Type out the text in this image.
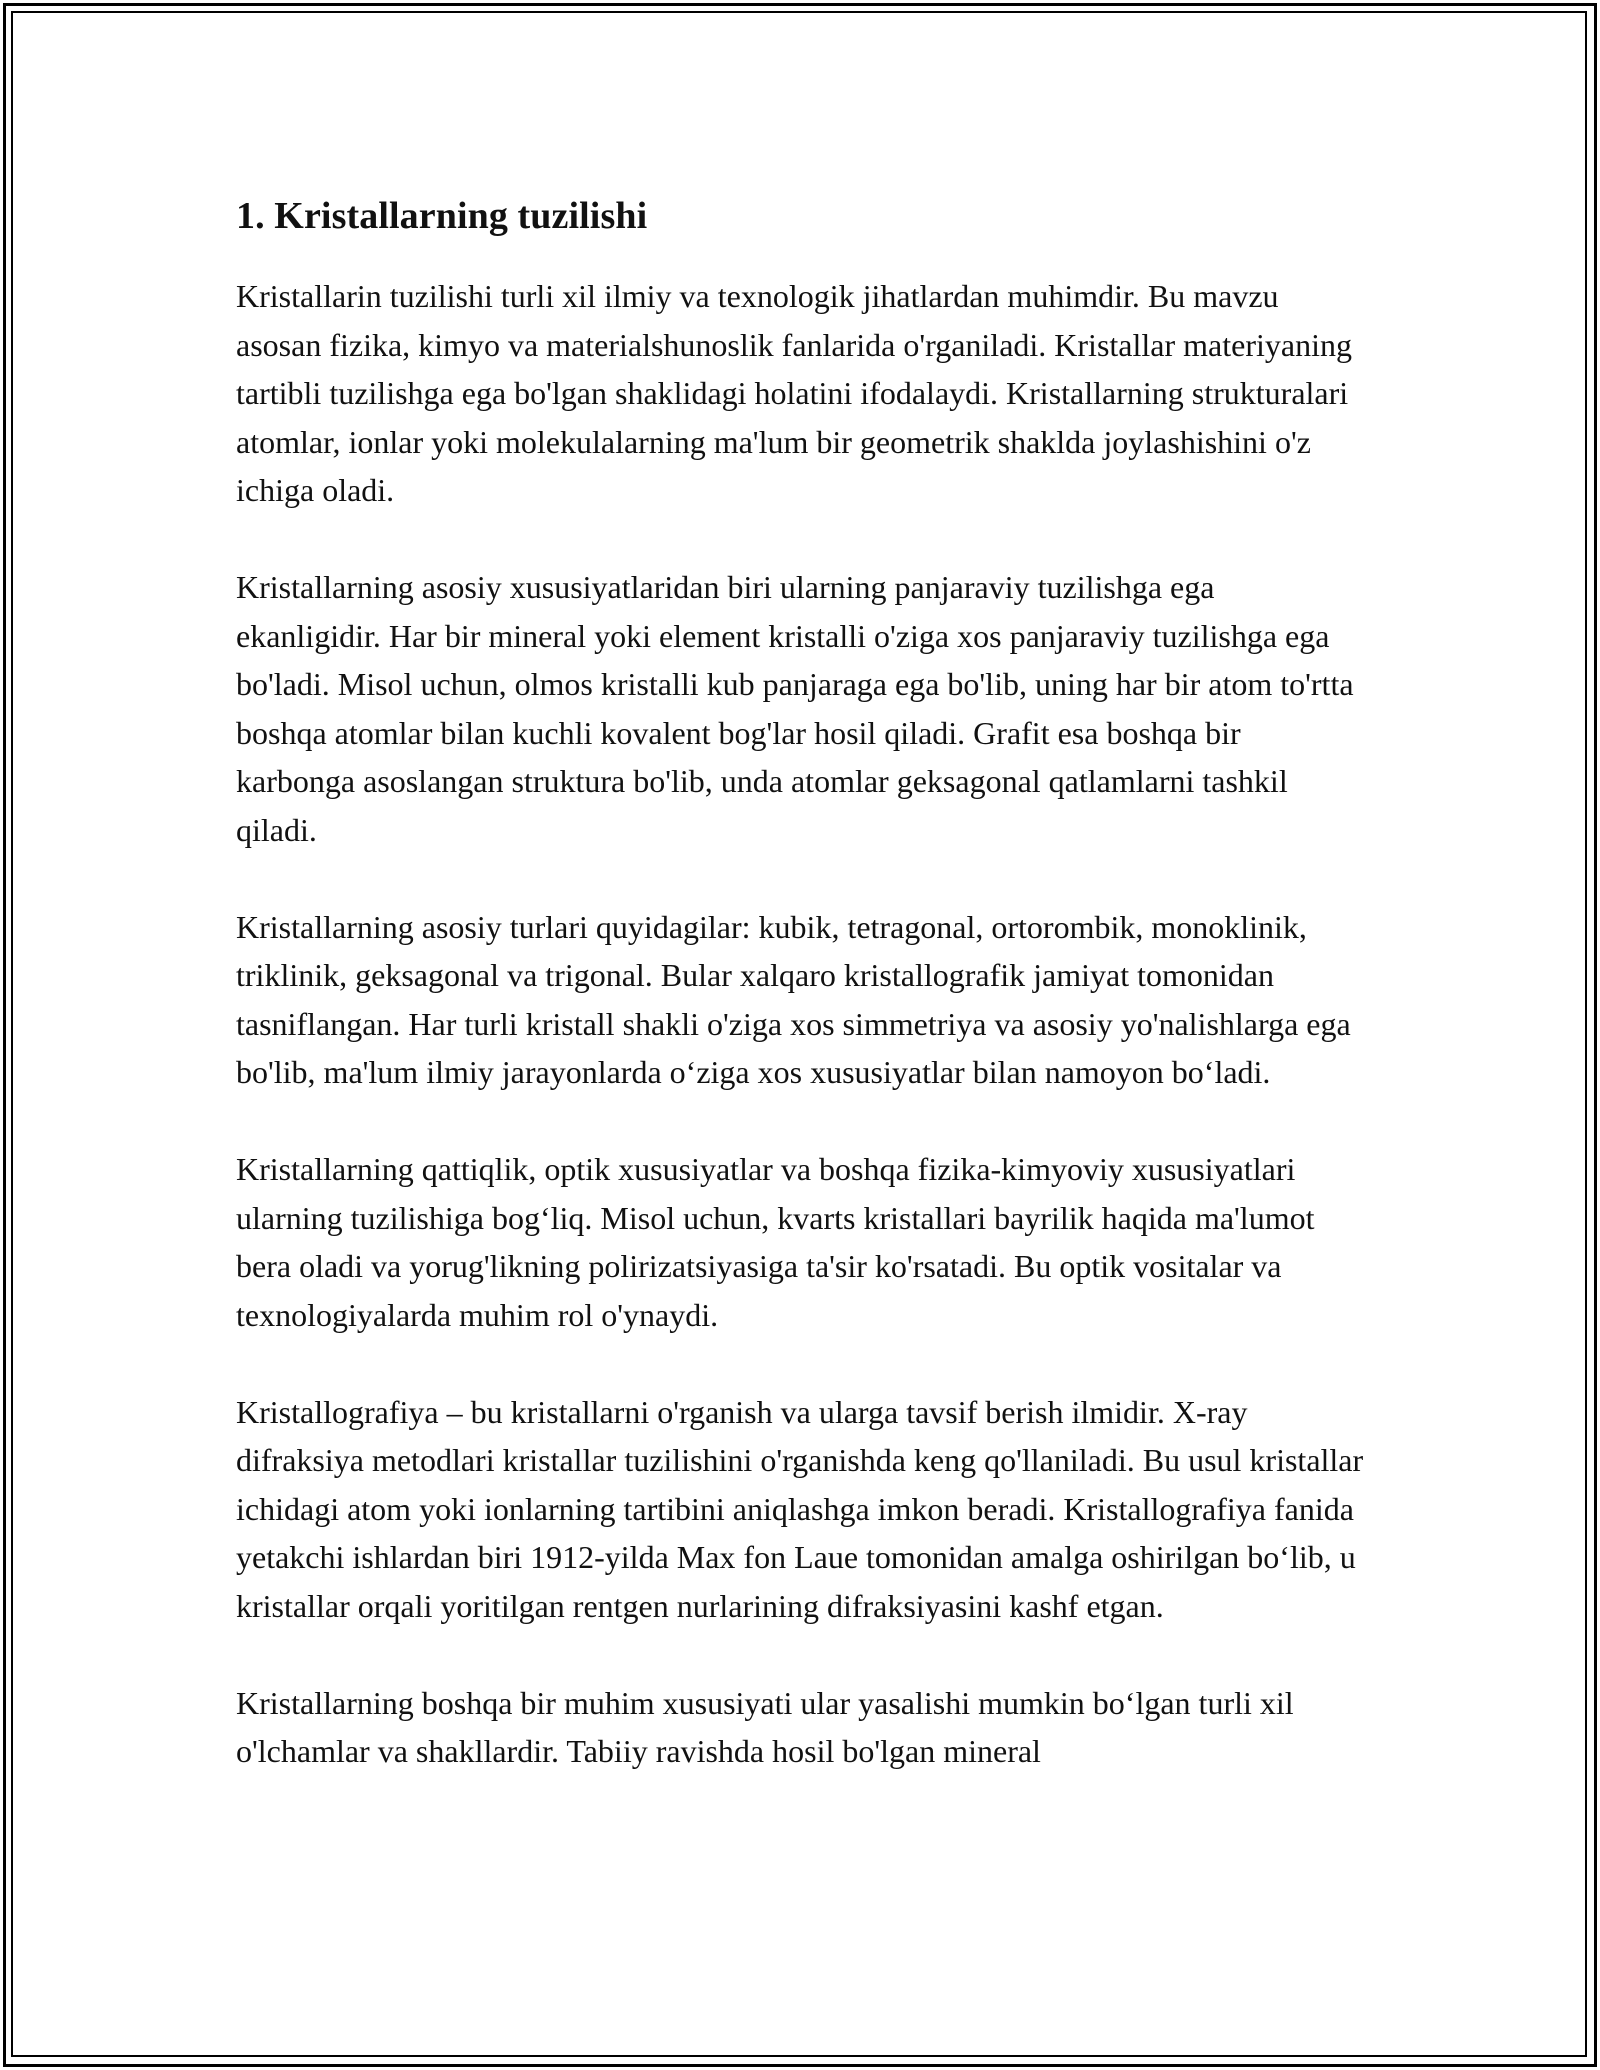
1. Kristallarning tuzilishi

Kristallarin tuzilishi turli xil ilmiy va texnologik jihatlardan muhimdir. Bu mavzu asosan fizika, kimyo va materialshunoslik fanlarida o'rganiladi. Kristallar materiyaning tartibli tuzilishga ega bo'lgan shaklidagi holatini ifodalaydi. Kristallarning strukturalari atomlar, ionlar yoki molekulalarning ma'lum bir geometrik shaklda joylashishini o'z ichiga oladi.

Kristallarning asosiy xususiyatlaridan biri ularning panjaraviy tuzilishga ega ekanligidir. Har bir mineral yoki element kristalli o'ziga xos panjaraviy tuzilishga ega bo'ladi. Misol uchun, olmos kristalli kub panjaraga ega bo'lib, uning har bir atom to'rtta boshqa atomlar bilan kuchli kovalent bog'lar hosil qiladi. Grafit esa boshqa bir karbonga asoslangan struktura bo'lib, unda atomlar geksagonal qatlamlarni tashkil qiladi.

Kristallarning asosiy turlari quyidagilar: kubik, tetragonal, ortorombik, monoklinik, triklinik, geksagonal va trigonal. Bular xalqaro kristallografik jamiyat tomonidan tasniflangan. Har turli kristall shakli o'ziga xos simmetriya va asosiy yo'nalishlarga ega bo'lib, ma'lum ilmiy jarayonlarda o‘ziga xos xususiyatlar bilan namoyon bo‘ladi.

Kristallarning qattiqlik, optik xususiyatlar va boshqa fizika-kimyoviy xususiyatlari ularning tuzilishiga bog‘liq. Misol uchun, kvarts kristallari bayrilik haqida ma'lumot bera oladi va yorug'likning polirizatsiyasiga ta'sir ko'rsatadi. Bu optik vositalar va texnologiyalarda muhim rol o'ynaydi.

Kristallografiya – bu kristallarni o'rganish va ularga tavsif berish ilmidir. X-ray difraksiya metodlari kristallar tuzilishini o'rganishda keng qo'llaniladi. Bu usul kristallar ichidagi atom yoki ionlarning tartibini aniqlashga imkon beradi. Kristallografiya fanida yetakchi ishlardan biri 1912-yilda Max fon Laue tomonidan amalga oshirilgan bo‘lib, u kristallar orqali yoritilgan rentgen nurlarining difraksiyasini kashf etgan.

Kristallarning boshqa bir muhim xususiyati ular yasalishi mumkin bo‘lgan turli xil o'lchamlar va shakllardir. Tabiiy ravishda hosil bo'lgan mineral
